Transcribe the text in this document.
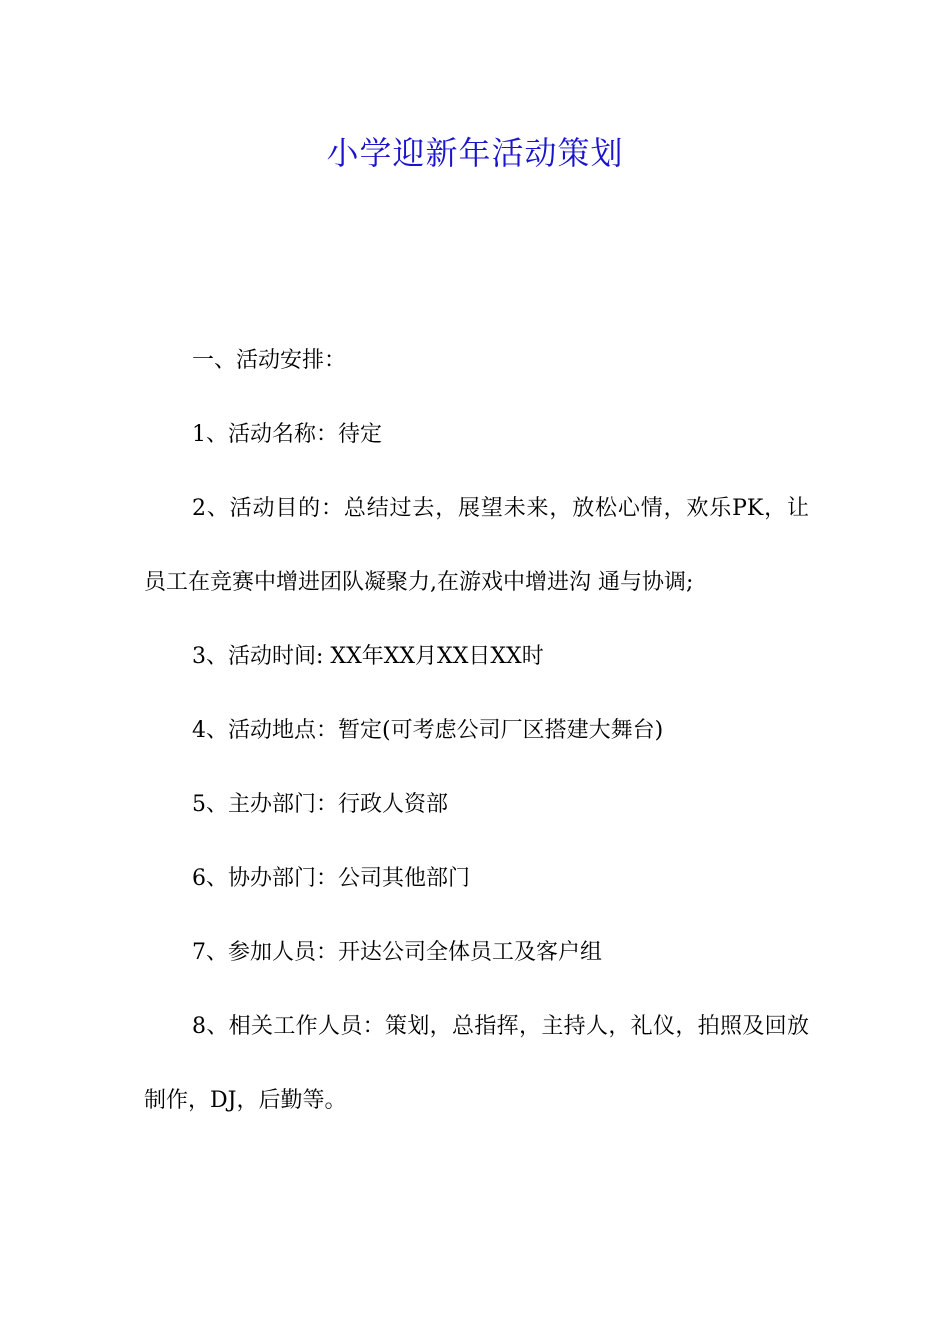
小学迎新年活动策划

一、活动安排：

1、活动名称：待定

2、活动目的：总结过去，展望未来，放松心情，欢乐PK，让员工在竞赛中增进团队凝聚力,在游戏中增进沟 通与协调;

3、活动时间: XX年XX月XX日XX时

4、活动地点：暂定(可考虑公司厂区搭建大舞台)

5、主办部门：行政人资部

6、协办部门：公司其他部门

7、参加人员：开达公司全体员工及客户组

8、相关工作人员：策划，总指挥，主持人，礼仪，拍照及回放制作，DJ，后勤等。
